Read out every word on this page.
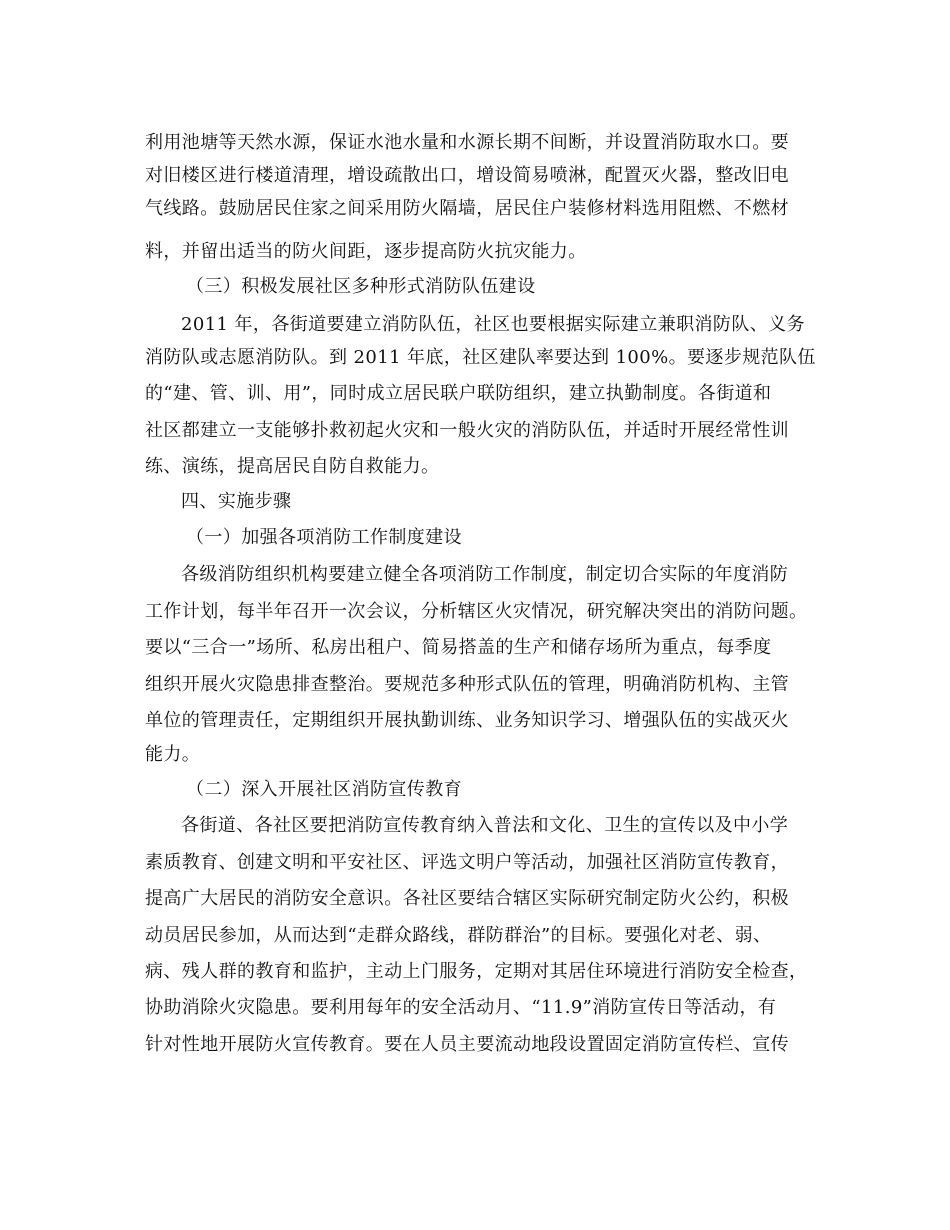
利用池塘等天然水源，保证水池水量和水源长期不间断，并设置消防取水口。要
对旧楼区进行楼道清理，增设疏散出口，增设简易喷淋，配置灭火器，整改旧电
气线路。鼓励居民住家之间采用防火隔墙，居民住户装修材料选用阻燃、不燃材
料，并留出适当的防火间距，逐步提高防火抗灾能力。
（三）积极发展社区多种形式消防队伍建设
2011 年，各街道要建立消防队伍，社区也要根据实际建立兼职消防队、义务
消防队或志愿消防队。到 2011 年底，社区建队率要达到 100%。要逐步规范队伍
的“建、管、训、用”，同时成立居民联户联防组织，建立执勤制度。各街道和
社区都建立一支能够扑救初起火灾和一般火灾的消防队伍，并适时开展经常性训
练、演练，提高居民自防自救能力。
四、实施步骤
（一）加强各项消防工作制度建设
各级消防组织机构要建立健全各项消防工作制度，制定切合实际的年度消防
工作计划，每半年召开一次会议，分析辖区火灾情况，研究解决突出的消防问题。
要以“三合一”场所、私房出租户、简易搭盖的生产和储存场所为重点，每季度
组织开展火灾隐患排查整治。要规范多种形式队伍的管理，明确消防机构、主管
单位的管理责任，定期组织开展执勤训练、业务知识学习、增强队伍的实战灭火
能力。
（二）深入开展社区消防宣传教育
各街道、各社区要把消防宣传教育纳入普法和文化、卫生的宣传以及中小学
素质教育、创建文明和平安社区、评选文明户等活动，加强社区消防宣传教育，
提高广大居民的消防安全意识。各社区要结合辖区实际研究制定防火公约，积极
动员居民参加，从而达到“走群众路线，群防群治”的目标。要强化对老、弱、
病、残人群的教育和监护，主动上门服务，定期对其居住环境进行消防安全检查，
协助消除火灾隐患。要利用每年的安全活动月、“11.9”消防宣传日等活动，有
针对性地开展防火宣传教育。要在人员主要流动地段设置固定消防宣传栏、宣传
